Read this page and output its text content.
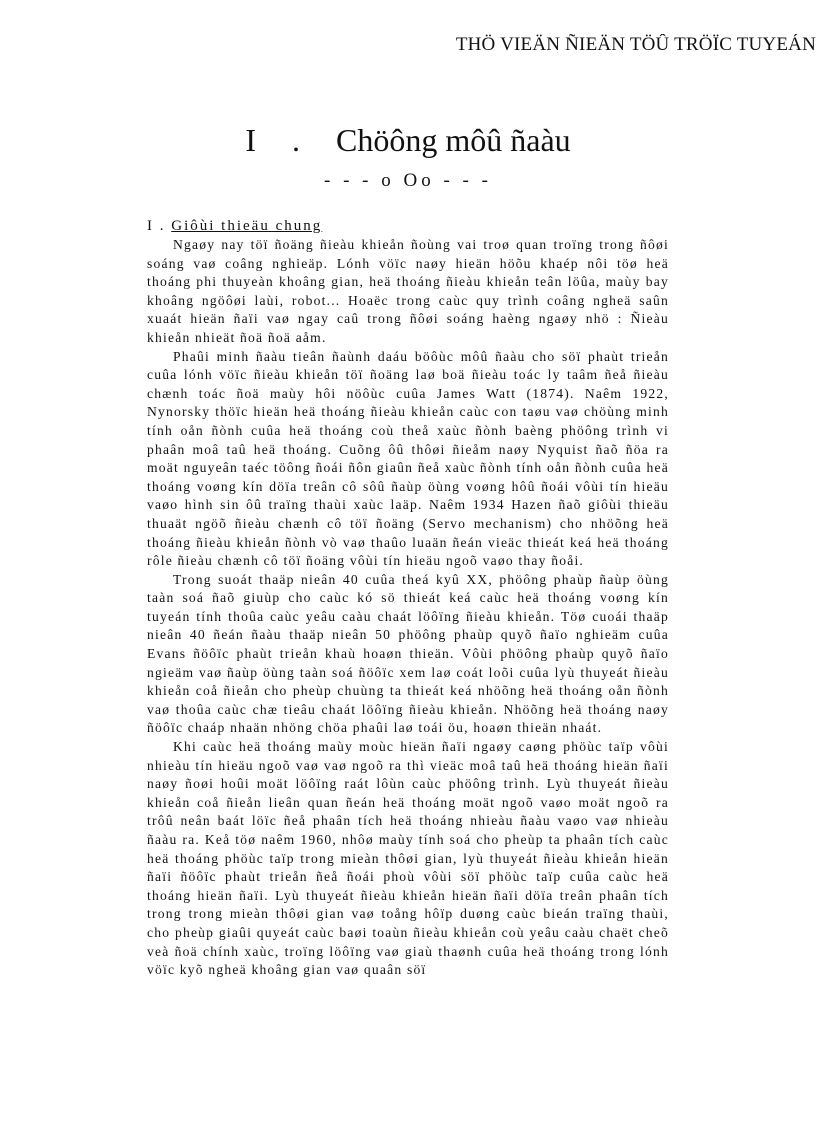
THÖ VIEÄN ÑIEÄN TÖÛ TRÖÏC TUYEÁN
I . Chöông môû ñaàu
- - - o Oo - - -
I . Giôùi thieäu chung

Ngaøy nay töï ñoäng ñieàu khieån ñoùng vai troø quan troïng trong ñôøi soáng vaø coâng nghieäp. Lónh vöïc naøy hieän höõu khaép nôi töø heä thoáng phi thuyeàn khoâng gian, heä thoáng ñieàu khieån teân löûa, maùy bay khoâng ngöôøi laùi, robot... Hoaëc trong caùc quy trình coâng ngheä saûn xuaát hieän ñaïi vaø ngay caû trong ñôøi soáng haèng ngaøy nhö : Ñieàu khieån nhieät ñoä ñoä aåm.

Phaûi minh ñaàu tieân ñaùnh daáu böôùc môû ñaàu cho söï phaùt trieån cuûa lónh vöïc ñieàu khieån töï ñoäng laø boä ñieàu toác ly taâm ñeå ñieàu chænh toác ñoä maùy hôi nöôùc cuûa James Watt (1874). Naêm 1922, Nynorsky thöïc hieän heä thoáng ñieàu khieån caùc con taøu vaø chöùng minh tính oån ñònh cuûa heä thoáng coù theå xaùc ñònh baèng phöông trình vi phaân moâ taû heä thoáng. Cuõng ôû thôøi ñieåm naøy Nyquist ñaõ ñöa ra moät nguyeân taéc töông ñoái ñôn giaûn ñeå xaùc ñònh tính oån ñònh cuûa heä thoáng voøng kín döïa treân cô sôû ñaùp öùng voøng hôû ñoái vôùi tín hieäu vaøo hình sin ôû traïng thaùi xaùc laäp. Naêm 1934 Hazen ñaõ giôùi thieäu thuaät ngöõ ñieàu chænh cô töï ñoäng (Servo mechanism) cho nhöõng heä thoáng ñieàu khieån ñònh vò vaø thaûo luaän ñeán vieäc thieát keá heä thoáng rôle ñieàu chænh cô töï ñoäng vôùi tín hieäu ngoõ vaøo thay ñoåi.

Trong suoát thaäp nieân 40 cuûa theá kyû XX, phöông phaùp ñaùp öùng taàn soá ñaõ giuùp cho caùc kó sö thieát keá caùc heä thoáng voøng kín tuyeán tính thoûa caùc yeâu caàu chaát löôïng ñieàu khieån. Töø cuoái thaäp nieân 40 ñeán ñaàu thaäp nieân 50 phöông phaùp quyõ ñaïo nghieäm cuûa Evans ñöôïc phaùt trieån khaù hoaøn thieän. Vôùi phöông phaùp quyõ ñaïo ngieäm vaø ñaùp öùng taàn soá ñöôïc xem laø coát loõi cuûa lyù thuyeát ñieàu khieån coå ñieån cho pheùp chuùng ta thieát keá nhöõng heä thoáng oån ñònh vaø thoûa caùc chæ tieâu chaát löôïng ñieàu khieån. Nhöõng heä thoáng naøy ñöôïc chaáp nhaän nhöng chöa phaûi laø toái öu, hoaøn thieän nhaát.

Khi caùc heä thoáng maùy moùc hieän ñaïi ngaøy caøng phöùc taïp vôùi nhieàu tín hieäu ngoõ vaø vaø ngoõ ra thì vieäc moâ taû heä thoáng hieän ñaïi naøy ñoøi hoûi moät löôïng raát lôùn caùc phöông trình. Lyù thuyeát ñieàu khieån coå ñieån lieân quan ñeán heä thoáng moät ngoõ vaøo moät ngoõ ra trôû neân baát löïc ñeå phaân tích heä thoáng nhieàu ñaàu vaøo vaø nhieàu ñaàu ra. Keå töø naêm 1960, nhôø maùy tính soá cho pheùp ta phaân tích caùc heä thoáng phöùc taïp trong mieàn thôøi gian, lyù thuyeát ñieàu khieån hieän ñaïi ñöôïc phaùt trieån ñeå ñoái phoù vôùi söï phöùc taïp cuûa caùc heä thoáng hieän ñaïi. Lyù thuyeát ñieàu khieån hieän ñaïi döïa treân phaân tích trong trong mieàn thôøi gian vaø toång hôïp duøng caùc bieán traïng thaùi, cho pheùp giaûi quyeát caùc baøi toaùn ñieàu khieån coù yeâu caàu chaët cheõ veà ñoä chính xaùc, troïng löôïng vaø giaù thaønh cuûa heä thoáng trong lónh vöïc kyõ ngheä khoâng gian vaø quaân söï
